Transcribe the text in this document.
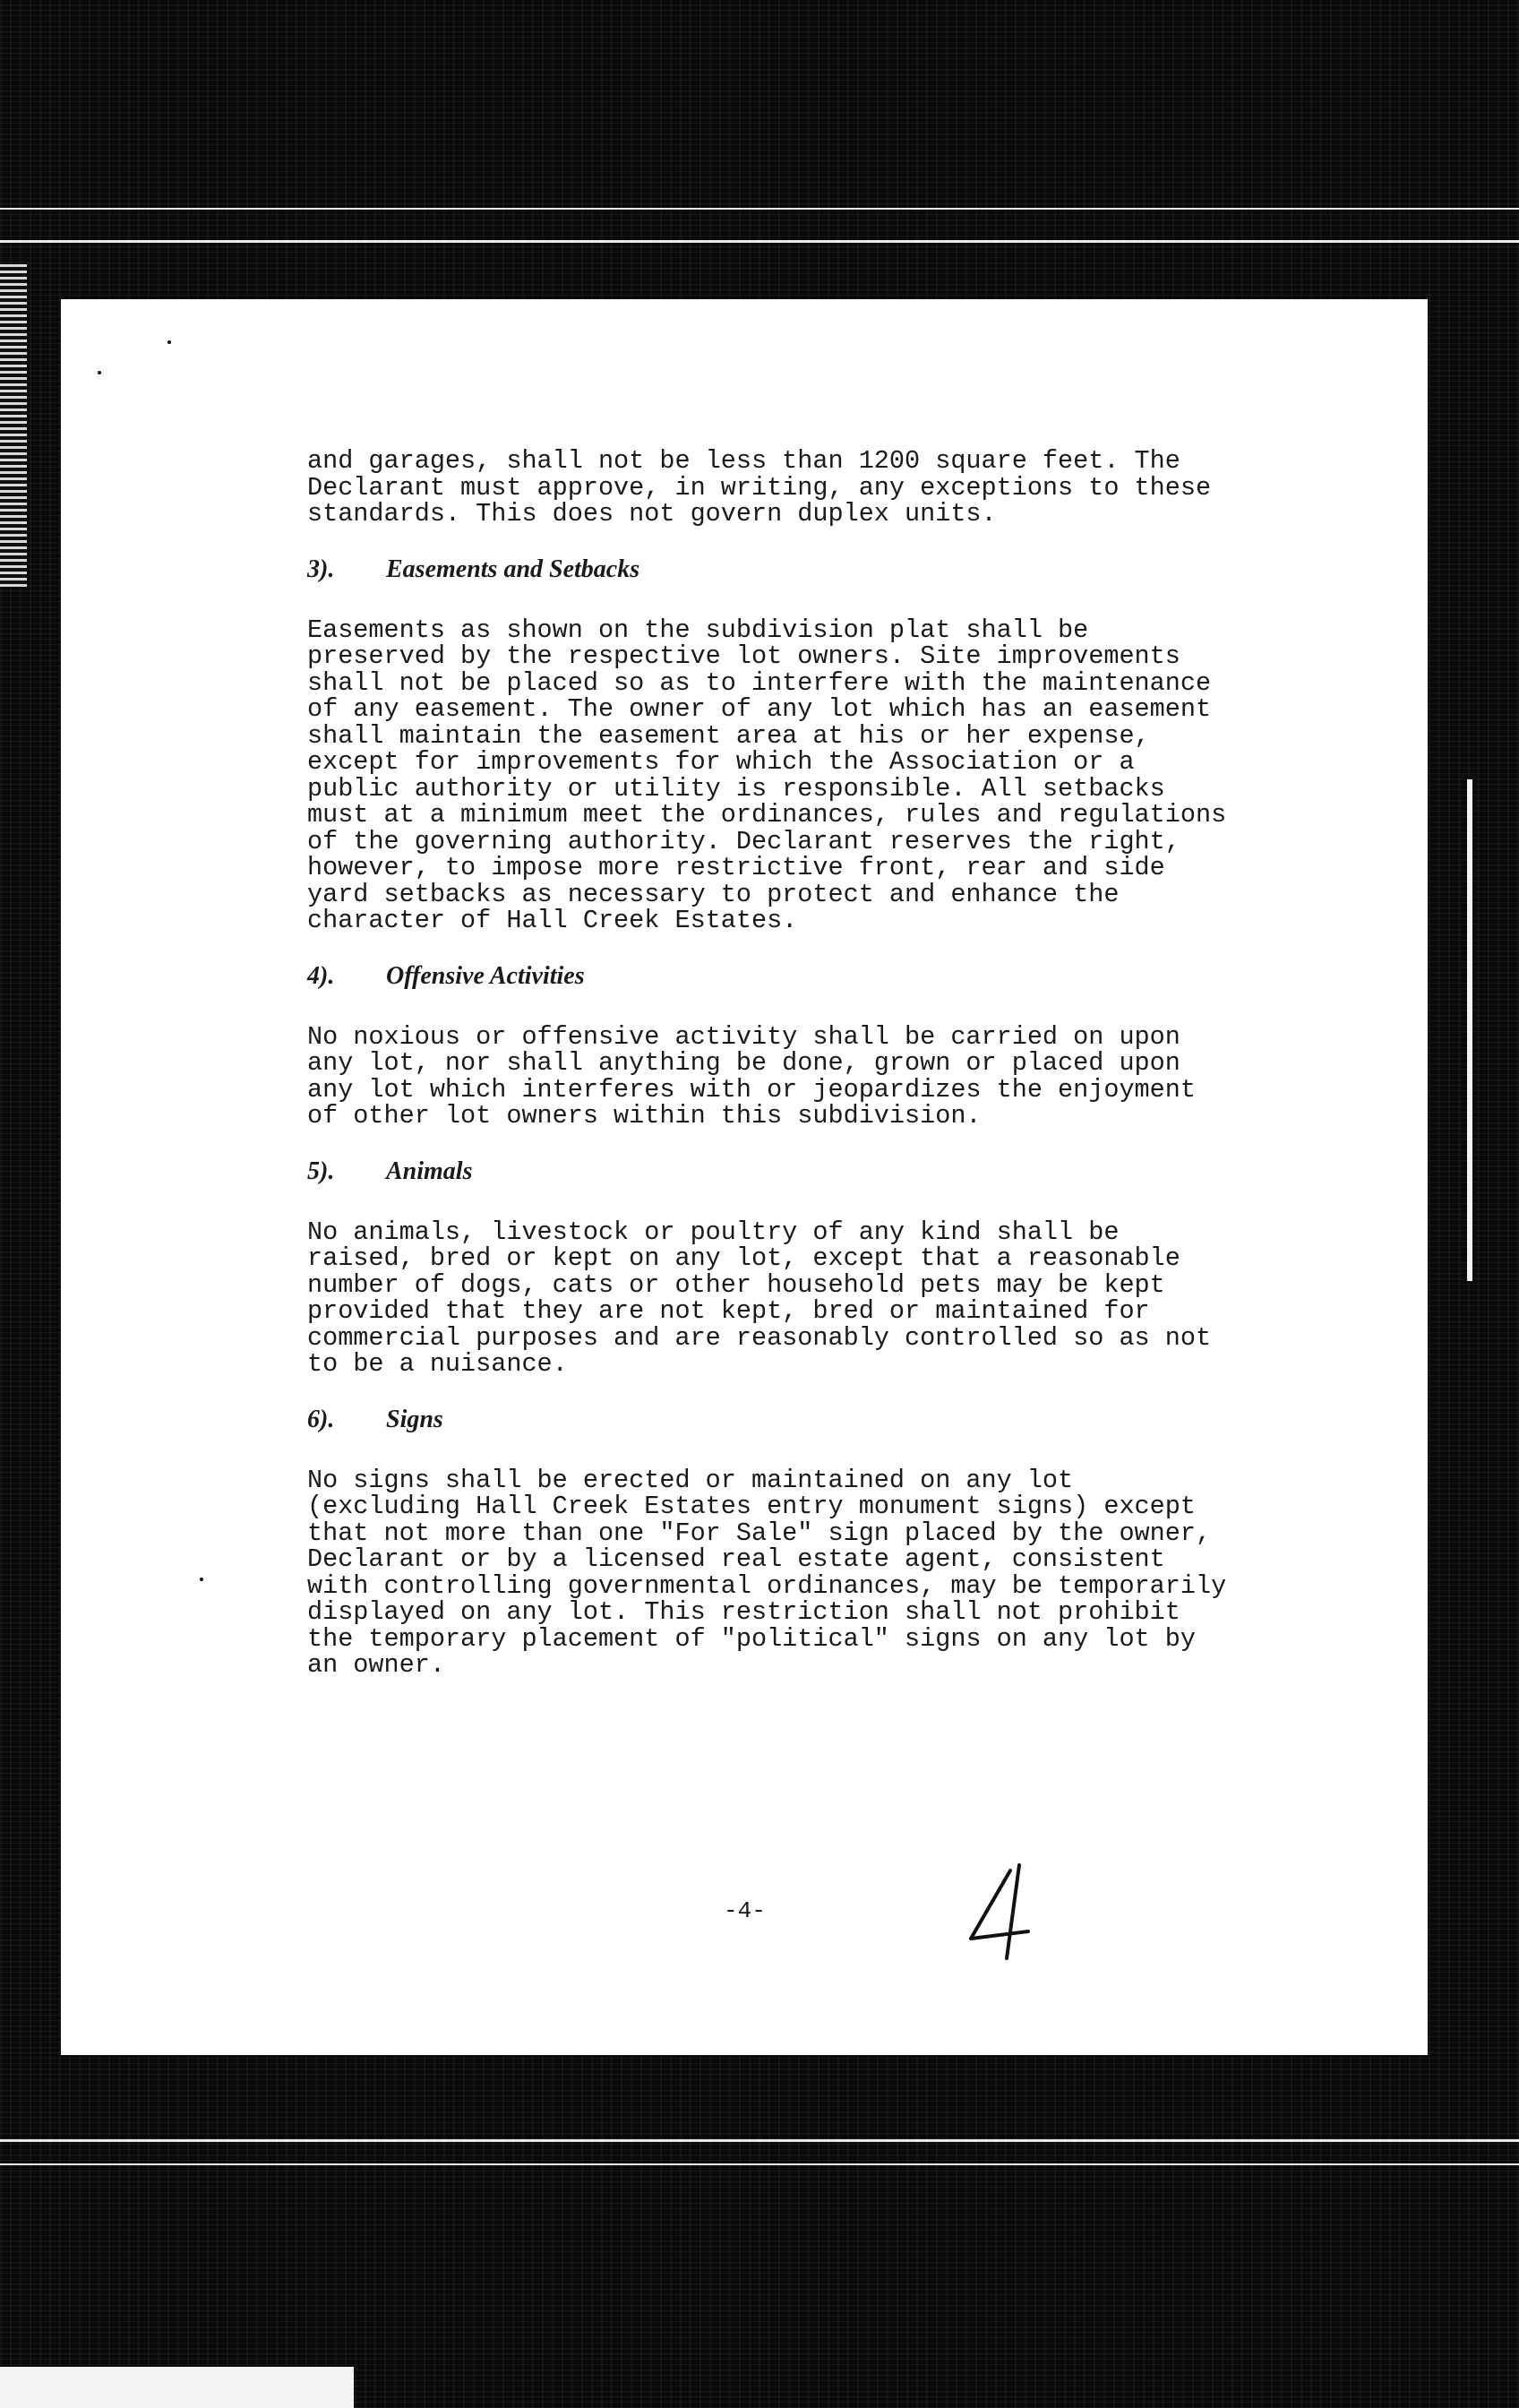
and garages, shall not be less than 1200 square feet. The
Declarant must approve, in writing, any exceptions to these
standards. This does not govern duplex units.

3). Easements and Setbacks

Easements as shown on the subdivision plat shall be
preserved by the respective lot owners. Site improvements
shall not be placed so as to interfere with the maintenance
of any easement. The owner of any lot which has an easement
shall maintain the easement area at his or her expense,
except for improvements for which the Association or a
public authority or utility is responsible. All setbacks
must at a minimum meet the ordinances, rules and regulations
of the governing authority. Declarant reserves the right,
however, to impose more restrictive front, rear and side
yard setbacks as necessary to protect and enhance the
character of Hall Creek Estates.

4). Offensive Activities

No noxious or offensive activity shall be carried on upon
any lot, nor shall anything be done, grown or placed upon
any lot which interferes with or jeopardizes the enjoyment
of other lot owners within this subdivision.

5). Animals

No animals, livestock or poultry of any kind shall be
raised, bred or kept on any lot, except that a reasonable
number of dogs, cats or other household pets may be kept
provided that they are not kept, bred or maintained for
commercial purposes and are reasonably controlled so as not
to be a nuisance.

6). Signs

No signs shall be erected or maintained on any lot
(excluding Hall Creek Estates entry monument signs) except
that not more than one "For Sale" sign placed by the owner,
Declarant or by a licensed real estate agent, consistent
with controlling governmental ordinances, may be temporarily
displayed on any lot. This restriction shall not prohibit
the temporary placement of "political" signs on any lot by
an owner.

-4-
